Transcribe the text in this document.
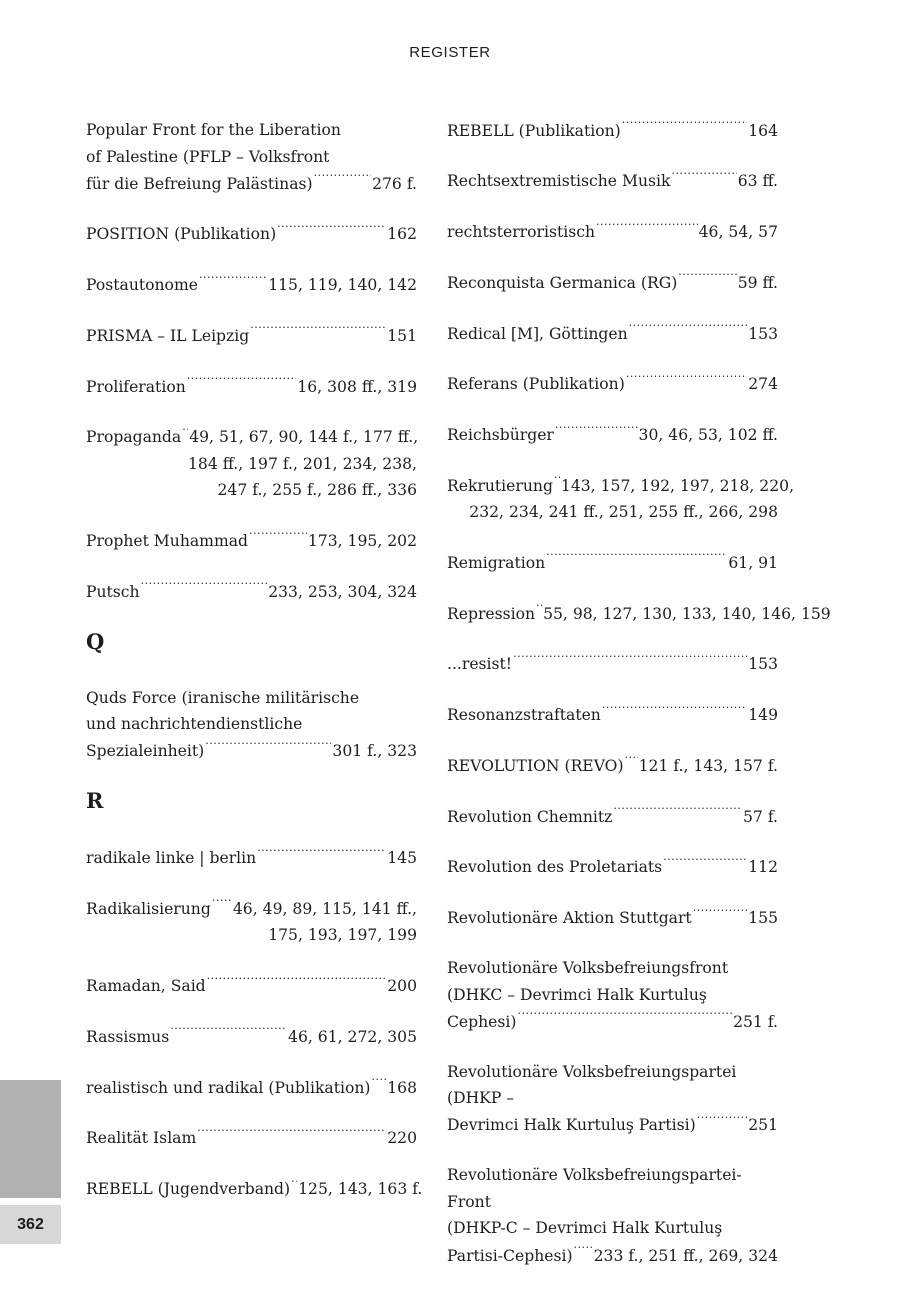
REGISTER
Popular Front for the Liberation
of Palestine (PFLP – Volksfront
für die Befreiung Palästinas) .....	276 f.
POSITION (Publikation) .....	162
Postautonome .....	115, 119, 140, 142
PRISMA – IL Leipzig .....	151
Proliferation .....	16, 308 ff., 319
Propaganda ..... 49, 51, 67, 90, 144 f., 177 ff.,
184 ff., 197 f., 201, 234, 238,
247 f., 255 f., 286 ff., 336
Prophet Muhammad .....	173, 195, 202
Putsch .....	233, 253, 304, 324
Q
Quds Force (iranische militärische
und nachrichtendienstliche
Spezialeinheit) .....	301 f., 323
R
radikale linke | berlin .....	145
Radikalisierung ..... 46, 49, 89, 115, 141 ff.,
175, 193, 197, 199
Ramadan, Said .....	200
Rassismus .....	46, 61, 272, 305
realistisch und radikal (Publikation) ..... 168
Realität Islam .....	220
REBELL (Jugendverband) ..... 125, 143, 163 f.
REBELL (Publikation) .....	164
Rechtsextremistische Musik .....	63 ff.
rechtsterroristisch .....	46, 54, 57
Reconquista Germanica (RG) .....	59 ff.
Redical [M], Göttingen .....	153
Referans (Publikation) .....	274
Reichsbürger .....	30, 46, 53, 102 ff.
Rekrutierung ..... 143, 157, 192, 197, 218, 220,
232, 234, 241 ff., 251, 255 ff., 266, 298
Remigration .....	61, 91
Repression ..... 55, 98, 127, 130, 133, 140, 146, 159
...resist! .....	153
Resonanzstraftaten .....	149
REVOLUTION (REVO) ..... 121 f., 143, 157 f.
Revolution Chemnitz .....	57 f.
Revolution des Proletariats .....	112
Revolutionäre Aktion Stuttgart .....	155
Revolutionäre Volksbefreiungsfront
(DHKC – Devrimci Halk Kurtuluş
Cephesi) .....	251 f.
Revolutionäre Volksbefreiungspartei (DHKP –
Devrimci Halk Kurtuluş Partisi) .....	251
Revolutionäre Volksbefreiungspartei-Front
(DHKP-C – Devrimci Halk Kurtuluş
Partisi-Cephesi) ..... 233 f., 251 ff., 269, 324
362
